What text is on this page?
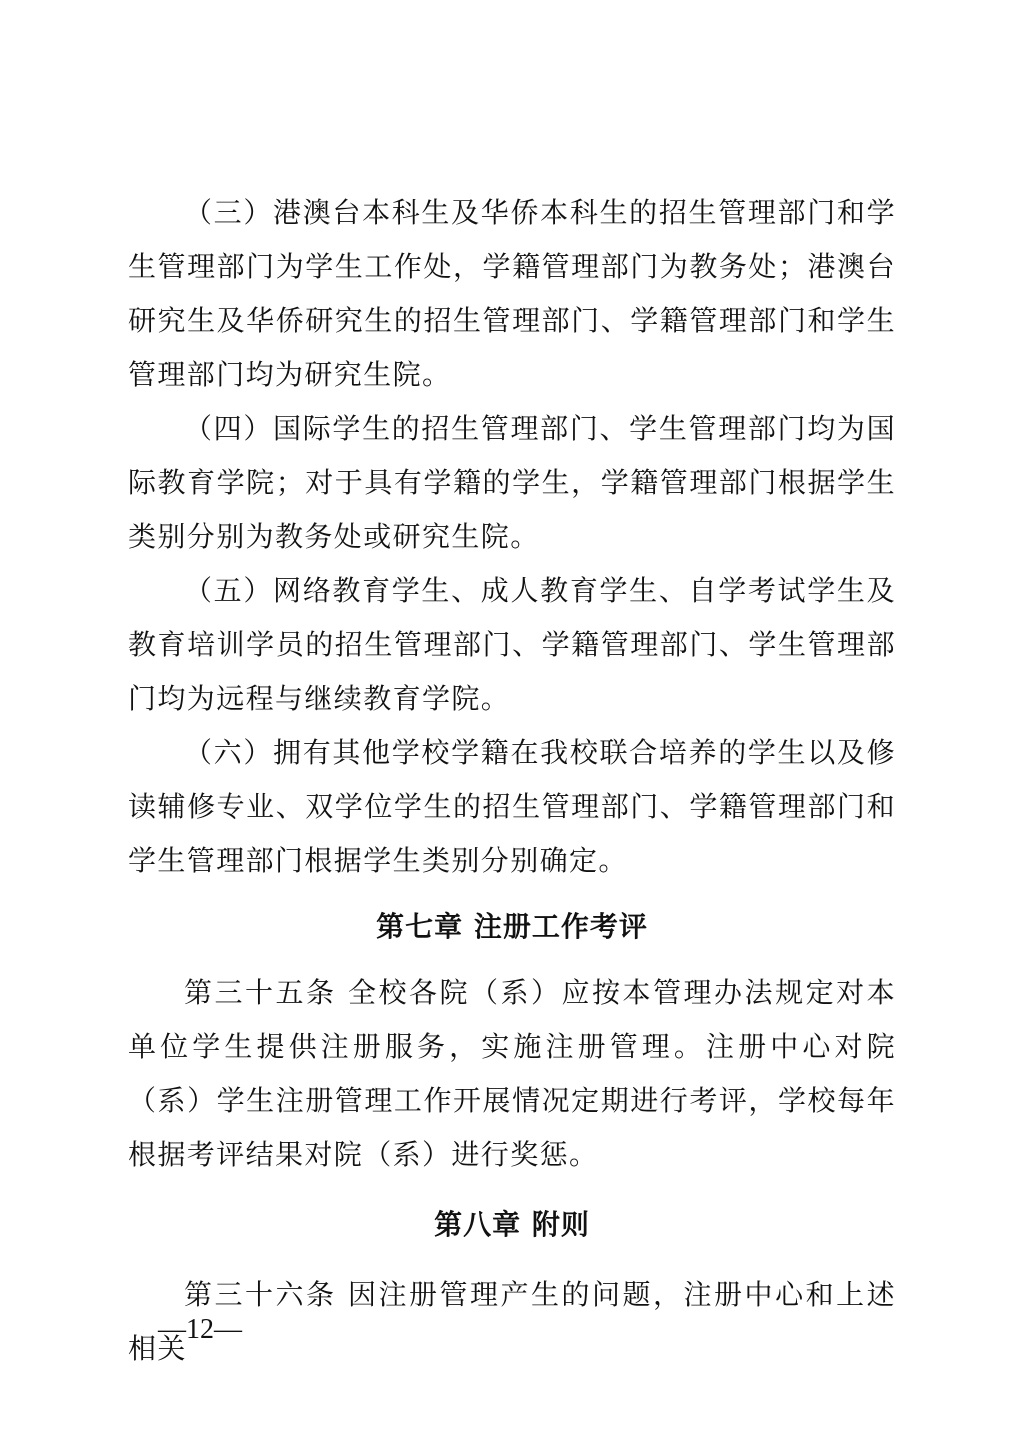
（三）港澳台本科生及华侨本科生的招生管理部门和学生管理部门为学生工作处，学籍管理部门为教务处；港澳台研究生及华侨研究生的招生管理部门、学籍管理部门和学生管理部门均为研究生院。

（四）国际学生的招生管理部门、学生管理部门均为国际教育学院；对于具有学籍的学生，学籍管理部门根据学生类别分别为教务处或研究生院。

（五）网络教育学生、成人教育学生、自学考试学生及教育培训学员的招生管理部门、学籍管理部门、学生管理部门均为远程与继续教育学院。

（六）拥有其他学校学籍在我校联合培养的学生以及修读辅修专业、双学位学生的招生管理部门、学籍管理部门和学生管理部门根据学生类别分别确定。

第七章 注册工作考评

第三十五条 全校各院（系）应按本管理办法规定对本单位学生提供注册服务，实施注册管理。注册中心对院（系）学生注册管理工作开展情况定期进行考评，学校每年根据考评结果对院（系）进行奖惩。

第八章 附则

第三十六条 因注册管理产生的问题，注册中心和上述相关

—12—
